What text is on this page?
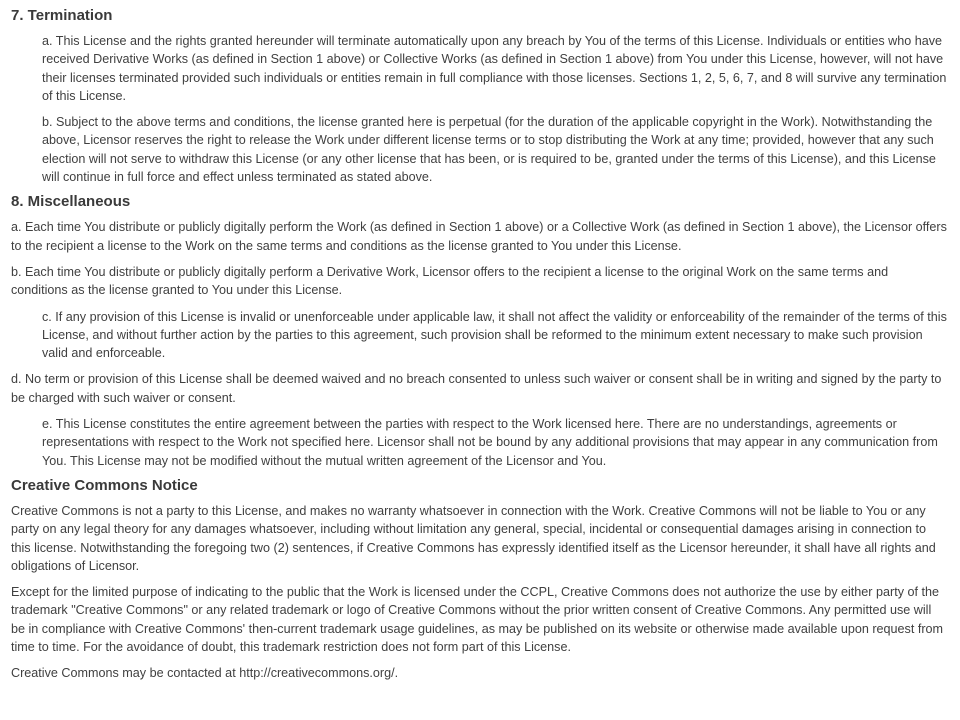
7. Termination

a. This License and the rights granted hereunder will terminate automatically upon any breach by You of the terms of this License. Individuals or entities who have received Derivative Works (as defined in Section 1 above) or Collective Works (as defined in Section 1 above) from You under this License, however, will not have their licenses terminated provided such individuals or entities remain in full compliance with those licenses. Sections 1, 2, 5, 6, 7, and 8 will survive any termination of this License.

b. Subject to the above terms and conditions, the license granted here is perpetual (for the duration of the applicable copyright in the Work). Notwithstanding the above, Licensor reserves the right to release the Work under different license terms or to stop distributing the Work at any time; provided, however that any such election will not serve to withdraw this License (or any other license that has been, or is required to be, granted under the terms of this License), and this License will continue in full force and effect unless terminated as stated above.

8. Miscellaneous

a. Each time You distribute or publicly digitally perform the Work (as defined in Section 1 above) or a Collective Work (as defined in Section 1 above), the Licensor offers to the recipient a license to the Work on the same terms and conditions as the license granted to You under this License.

b. Each time You distribute or publicly digitally perform a Derivative Work, Licensor offers to the recipient a license to the original Work on the same terms and conditions as the license granted to You under this License.

c. If any provision of this License is invalid or unenforceable under applicable law, it shall not affect the validity or enforceability of the remainder of the terms of this License, and without further action by the parties to this agreement, such provision shall be reformed to the minimum extent necessary to make such provision valid and enforceable.

d. No term or provision of this License shall be deemed waived and no breach consented to unless such waiver or consent shall be in writing and signed by the party to be charged with such waiver or consent.

e. This License constitutes the entire agreement between the parties with respect to the Work licensed here. There are no understandings, agreements or representations with respect to the Work not specified here. Licensor shall not be bound by any additional provisions that may appear in any communication from You. This License may not be modified without the mutual written agreement of the Licensor and You.

Creative Commons Notice

Creative Commons is not a party to this License, and makes no warranty whatsoever in connection with the Work. Creative Commons will not be liable to You or any party on any legal theory for any damages whatsoever, including without limitation any general, special, incidental or consequential damages arising in connection to this license. Notwithstanding the foregoing two (2) sentences, if Creative Commons has expressly identified itself as the Licensor hereunder, it shall have all rights and obligations of Licensor.

Except for the limited purpose of indicating to the public that the Work is licensed under the CCPL, Creative Commons does not authorize the use by either party of the trademark "Creative Commons" or any related trademark or logo of Creative Commons without the prior written consent of Creative Commons. Any permitted use will be in compliance with Creative Commons' then-current trademark usage guidelines, as may be published on its website or otherwise made available upon request from time to time. For the avoidance of doubt, this trademark restriction does not form part of this License.

Creative Commons may be contacted at http://creativecommons.org/.
